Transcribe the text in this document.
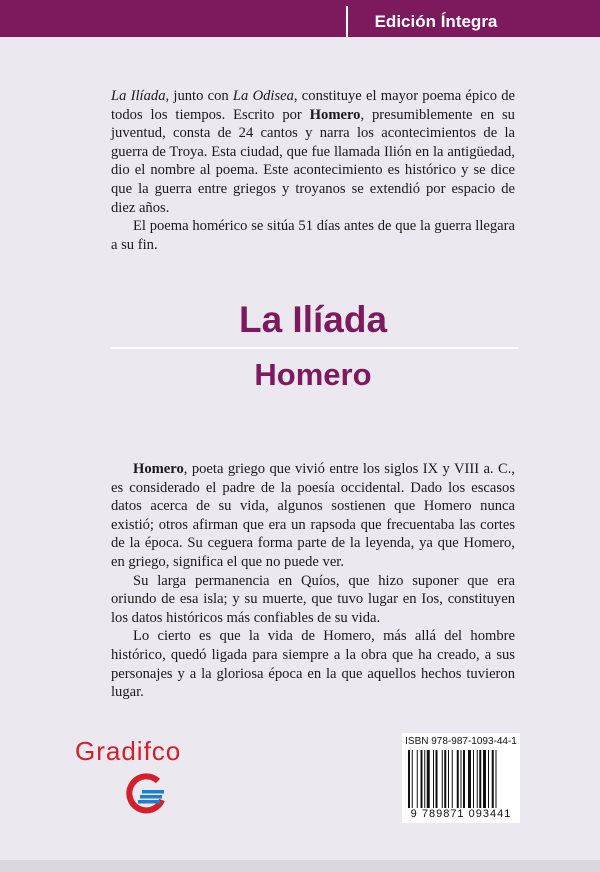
Edición Íntegra

La Ilíada, junto con La Odisea, constituye el mayor poema épico de todos los tiempos. Escrito por Homero, presumiblemente en su juventud, consta de 24 cantos y narra los acontecimientos de la guerra de Troya. Esta ciudad, que fue llamada Ilión en la antigüedad, dio el nombre al poema. Este acontecimiento es histórico y se dice que la guerra entre griegos y troyanos se extendió por espacio de diez años.

El poema homérico se sitúa 51 días antes de que la guerra llegara a su fin.

La Ilíada
Homero

Homero, poeta griego que vivió entre los siglos IX y VIII a. C., es considerado el padre de la poesía occidental. Dado los escasos datos acerca de su vida, algunos sostienen que Homero nunca existió; otros afirman que era un rapsoda que frecuentaba las cortes de la época. Su ceguera forma parte de la leyenda, ya que Homero, en griego, significa el que no puede ver.

Su larga permanencia en Quíos, que hizo suponer que era oriundo de esa isla; y su muerte, que tuvo lugar en Ios, constituyen los datos históricos más confiables de su vida.

Lo cierto es que la vida de Homero, más allá del hombre histórico, quedó ligada para siempre a la obra que ha creado, a sus personajes y a la gloriosa época en la que aquellos hechos tuvieron lugar.

Gradifco	ISBN 978-987-1093-44-1
9 789871 093441
